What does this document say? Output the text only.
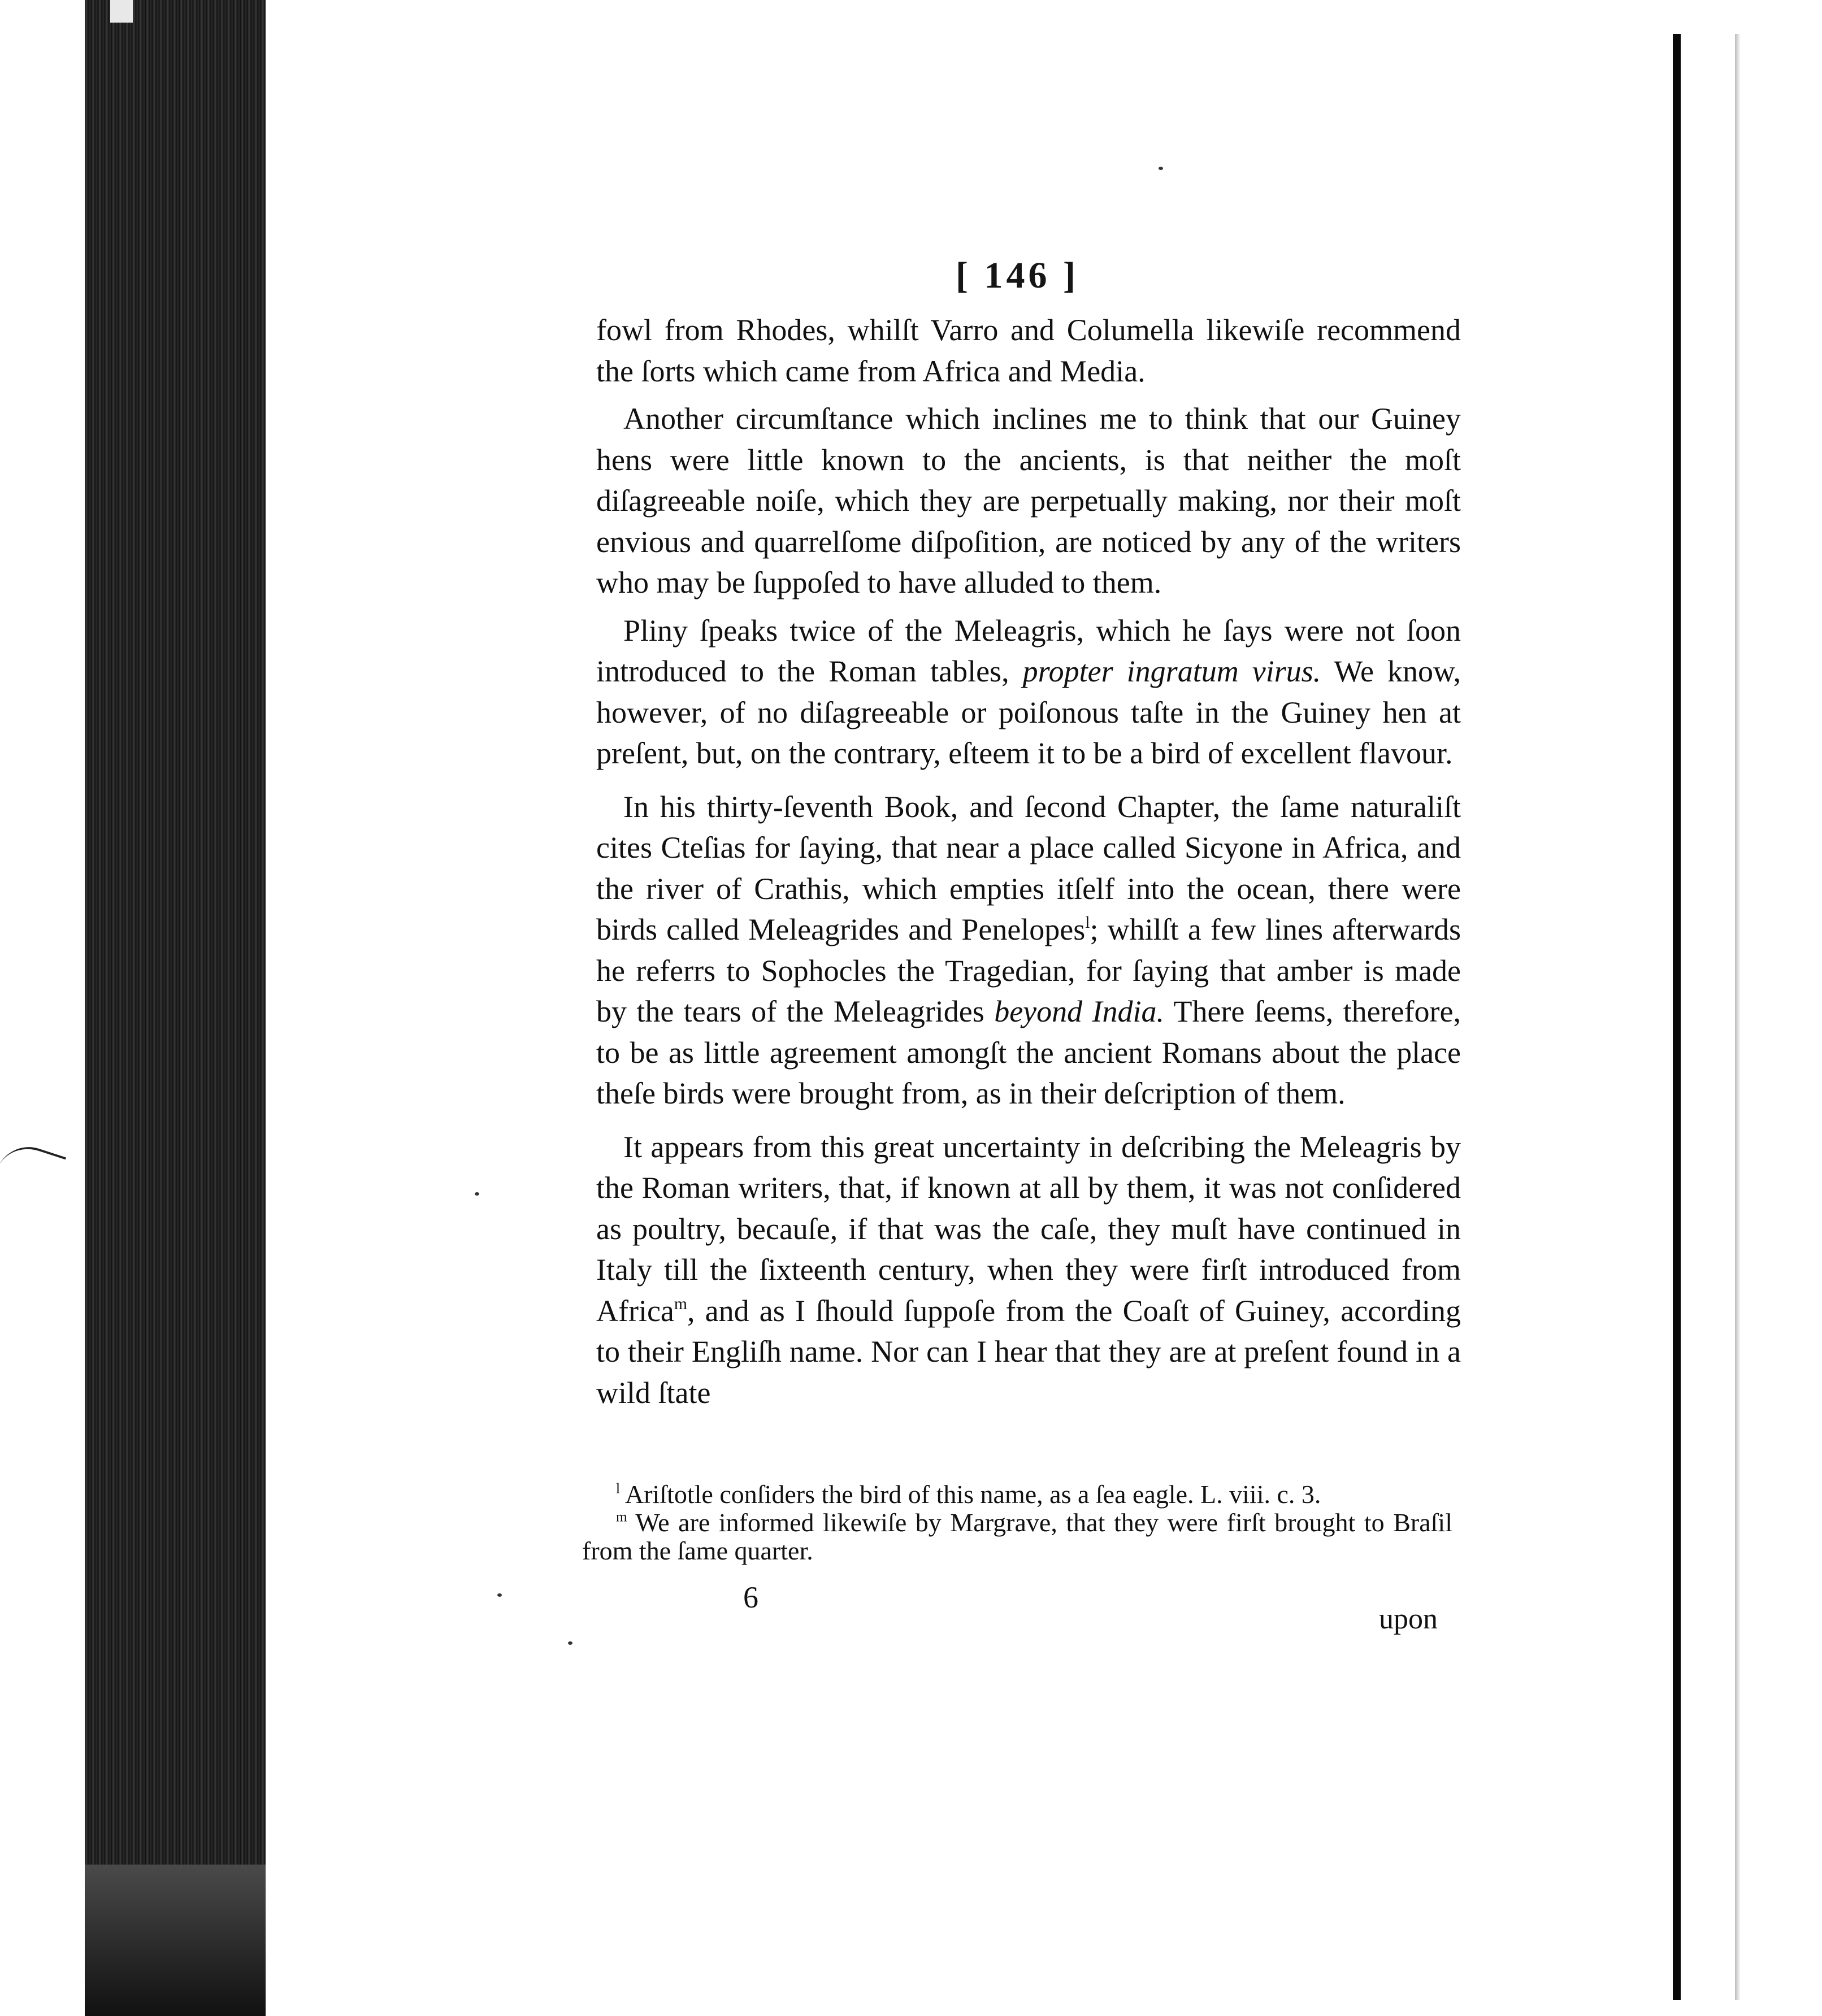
[ 146 ]

fowl from Rhodes, whilſt Varro and Columella likewiſe recommend the ſorts which came from Africa and Media.

Another circumſtance which inclines me to think that our Guiney hens were little known to the ancients, is that neither the moſt diſagreeable noiſe, which they are perpetually making, nor their moſt envious and quarrelſome diſpoſition, are noticed by any of the writers who may be ſuppoſed to have alluded to them.

Pliny ſpeaks twice of the Meleagris, which he ſays were not ſoon introduced to the Roman tables, propter ingratum virus. We know, however, of no diſagreeable or poiſonous taſte in the Guiney hen at preſent, but, on the contrary, eſteem it to be a bird of excellent flavour.

In his thirty-ſeventh Book, and ſecond Chapter, the ſame naturaliſt cites Cteſias for ſaying, that near a place called Sicyone in Africa, and the river of Crathis, which empties itſelf into the ocean, there were birds called Meleagrides and Penelopes$^l$; whilſt a few lines afterwards he referrs to Sophocles the Tragedian, for ſaying that amber is made by the tears of the Meleagrides beyond India. There ſeems, therefore, to be as little agreement amongſt the ancient Romans about the place theſe birds were brought from, as in their deſcription of them.

It appears from this great uncertainty in deſcribing the Meleagris by the Roman writers, that, if known at all by them, it was not conſidered as poultry, becauſe, if that was the caſe, they muſt have continued in Italy till the ſixteenth century, when they were firſt introduced from Africa$^m$, and as I ſhould ſuppoſe from the Coaſt of Guiney, according to their Engliſh name. Nor can I hear that they are at preſent found in a wild ſtate

$^l$ Ariſtotle conſiders the bird of this name, as a ſea eagle. L. viii. c. 3.

$^m$ We are informed likewiſe by Margrave, that they were firſt brought to Braſil from the ſame quarter.

6
upon
